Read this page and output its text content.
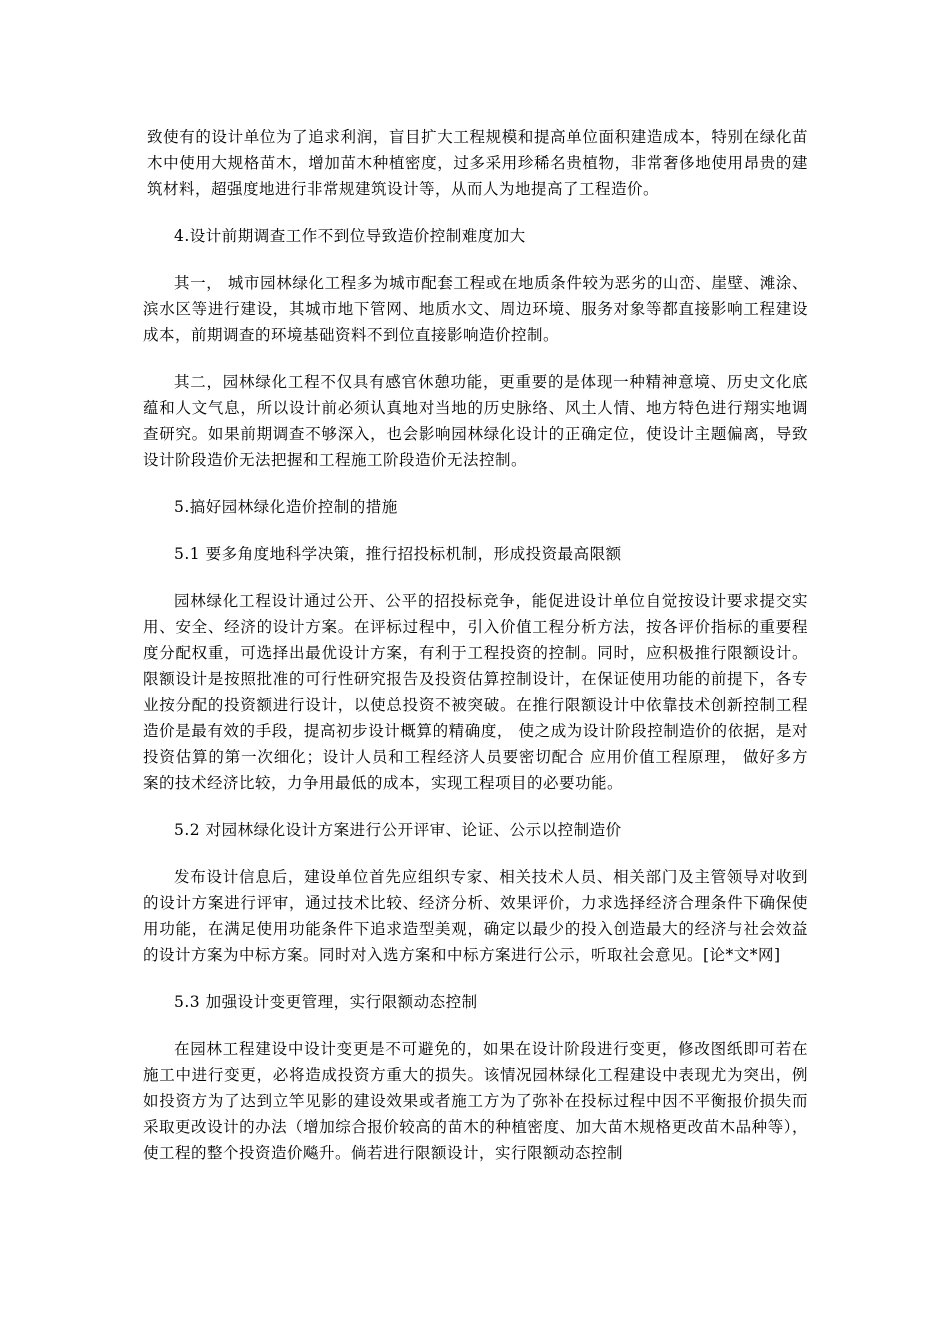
致使有的设计单位为了追求利润，盲目扩大工程规模和提高单位面积建造成本，特别在绿化苗木中使用大规格苗木，增加苗木种植密度，过多采用珍稀名贵植物，非常奢侈地使用昂贵的建筑材料，超强度地进行非常规建筑设计等，从而人为地提高了工程造价。

4.设计前期调查工作不到位导致造价控制难度加大

其一， 城市园林绿化工程多为城市配套工程或在地质条件较为恶劣的山峦、崖壁、滩涂、滨水区等进行建设，其城市地下管网、地质水文、周边环境、服务对象等都直接影响工程建设成本，前期调查的环境基础资料不到位直接影响造价控制。

其二，园林绿化工程不仅具有感官休憩功能，更重要的是体现一种精神意境、历史文化底蕴和人文气息，所以设计前必须认真地对当地的历史脉络、风土人情、地方特色进行翔实地调查研究。如果前期调查不够深入，也会影响园林绿化设计的正确定位，使设计主题偏离，导致设计阶段造价无法把握和工程施工阶段造价无法控制。

5.搞好园林绿化造价控制的措施

5.1 要多角度地科学决策，推行招投标机制，形成投资最高限额

园林绿化工程设计通过公开、公平的招投标竞争，能促进设计单位自觉按设计要求提交实用、安全、经济的设计方案。在评标过程中，引入价值工程分析方法，按各评价指标的重要程度分配权重，可选择出最优设计方案，有利于工程投资的控制。同时，应积极推行限额设计。限额设计是按照批准的可行性研究报告及投资估算控制设计，在保证使用功能的前提下，各专业按分配的投资额进行设计，以使总投资不被突破。在推行限额设计中依靠技术创新控制工程造价是最有效的手段，提高初步设计概算的精确度， 使之成为设计阶段控制造价的依据，是对投资估算的第一次细化；设计人员和工程经济人员要密切配合 应用价值工程原理， 做好多方案的技术经济比较，力争用最低的成本，实现工程项目的必要功能。

5.2 对园林绿化设计方案进行公开评审、论证、公示以控制造价

发布设计信息后，建设单位首先应组织专家、相关技术人员、相关部门及主管领导对收到的设计方案进行评审，通过技术比较、经济分析、效果评价，力求选择经济合理条件下确保使用功能，在满足使用功能条件下追求造型美观，确定以最少的投入创造最大的经济与社会效益的设计方案为中标方案。同时对入选方案和中标方案进行公示，听取社会意见。[论*文*网]

5.3 加强设计变更管理，实行限额动态控制

在园林工程建设中设计变更是不可避免的，如果在设计阶段进行变更，修改图纸即可若在施工中进行变更，必将造成投资方重大的损失。该情况园林绿化工程建设中表现尤为突出，例如投资方为了达到立竿见影的建设效果或者施工方为了弥补在投标过程中因不平衡报价损失而采取更改设计的办法（增加综合报价较高的苗木的种植密度、加大苗木规格更改苗木品种等），使工程的整个投资造价飚升。倘若进行限额设计，实行限额动态控制
